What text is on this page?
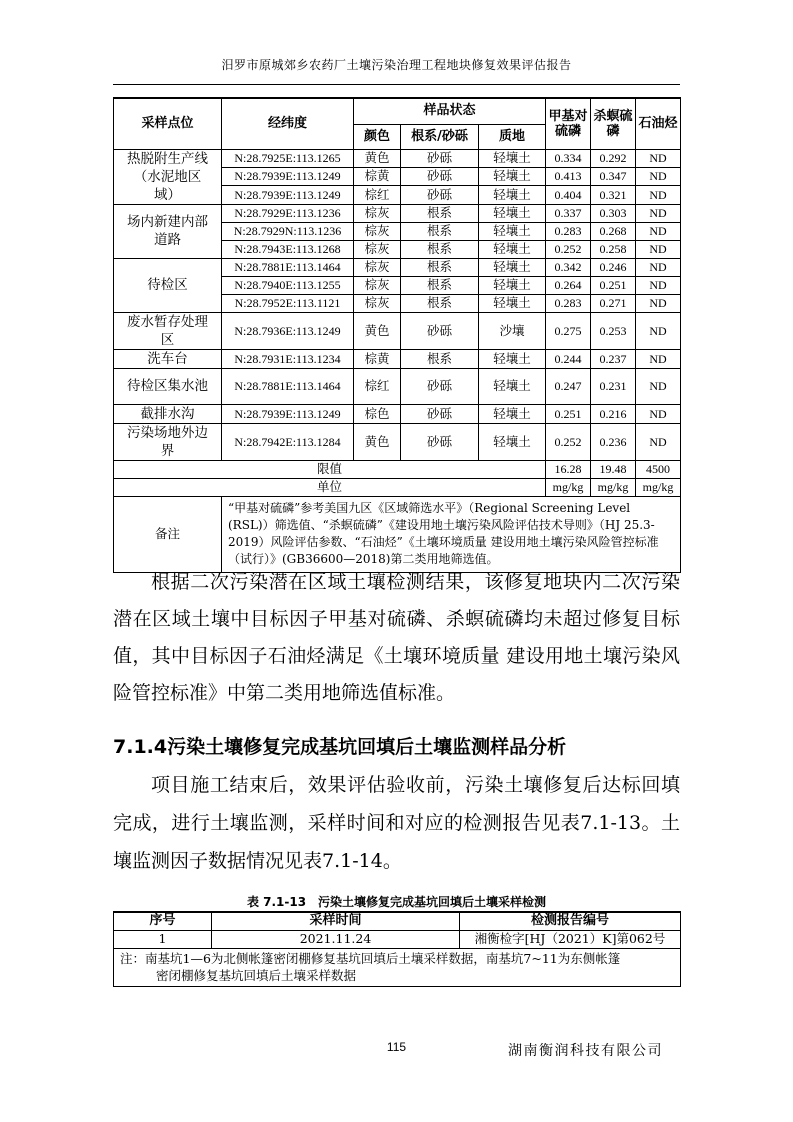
汨罗市原城郊乡农药厂土壤污染治理工程地块修复效果评估报告
采样点位	经纬度	样品状态			甲基对硫磷	杀螟硫磷	石油烃
		颜色	根系/砂砾	质地			
热脱附生产线（水泥地区域）	N:28.7925E:113.1265	黄色	砂砾	轻壤土	0.334	0.292	ND
	N:28.7939E:113.1249	棕黄	砂砾	轻壤土	0.413	0.347	ND
	N:28.7939E:113.1249	棕红	砂砾	轻壤土	0.404	0.321	ND
场内新建内部道路	N:28.7929E:113.1236	棕灰	根系	轻壤土	0.337	0.303	ND
	N:28.7929N:113.1236	棕灰	根系	轻壤土	0.283	0.268	ND
	N:28.7943E:113.1268	棕灰	根系	轻壤土	0.252	0.258	ND
待检区	N:28.7881E:113.1464	棕灰	根系	轻壤土	0.342	0.246	ND
	N:28.7940E:113.1255	棕灰	根系	轻壤土	0.264	0.251	ND
	N:28.7952E:113.1121	棕灰	根系	轻壤土	0.283	0.271	ND
废水暂存处理区	N:28.7936E:113.1249	黄色	砂砾	沙壤	0.275	0.253	ND
洗车台	N:28.7931E:113.1234	棕黄	根系	轻壤土	0.244	0.237	ND
待检区集水池	N:28.7881E:113.1464	棕红	砂砾	轻壤土	0.247	0.231	ND
截排水沟	N:28.7939E:113.1249	棕色	砂砾	轻壤土	0.251	0.216	ND
污染场地外边界	N:28.7942E:113.1284	黄色	砂砾	轻壤土	0.252	0.236	ND
限值					16.28	19.48	4500
单位					mg/kg	mg/kg	mg/kg
备注	“甲基对硫磷”参考美国九区《区域筛选水平》（Regional Screening Level (RSL)）筛选值、“杀螟硫磷”《建设用地土壤污染风险评估技术导则》（HJ 25.3-2019）风险评估参数、“石油烃”《土壤环境质量 建设用地土壤污染风险管控标准（试行）》(GB36600—2018)第二类用地筛选值。						
根据二次污染潜在区域土壤检测结果，该修复地块内二次污染潜在区域土壤中目标因子甲基对硫磷、杀螟硫磷均未超过修复目标值，其中目标因子石油烃满足《土壤环境质量 建设用地土壤污染风险管控标准》中第二类用地筛选值标准。
7.1.4污染土壤修复完成基坑回填后土壤监测样品分析
项目施工结束后，效果评估验收前，污染土壤修复后达标回填完成，进行土壤监测，采样时间和对应的检测报告见表7.1-13。土壤监测因子数据情况见表7.1-14。
表 7.1-13　污染土壤修复完成基坑回填后土壤采样检测
序号	采样时间	检测报告编号
1	2021.11.24	湘衡检字[HJ（2021）K]第062号
注：南基坑1—6为北侧帐篷密闭棚修复基坑回填后土壤采样数据，南基坑7~11为东侧帐篷
密闭棚修复基坑回填后土壤采样数据		
115	湖南衡润科技有限公司
